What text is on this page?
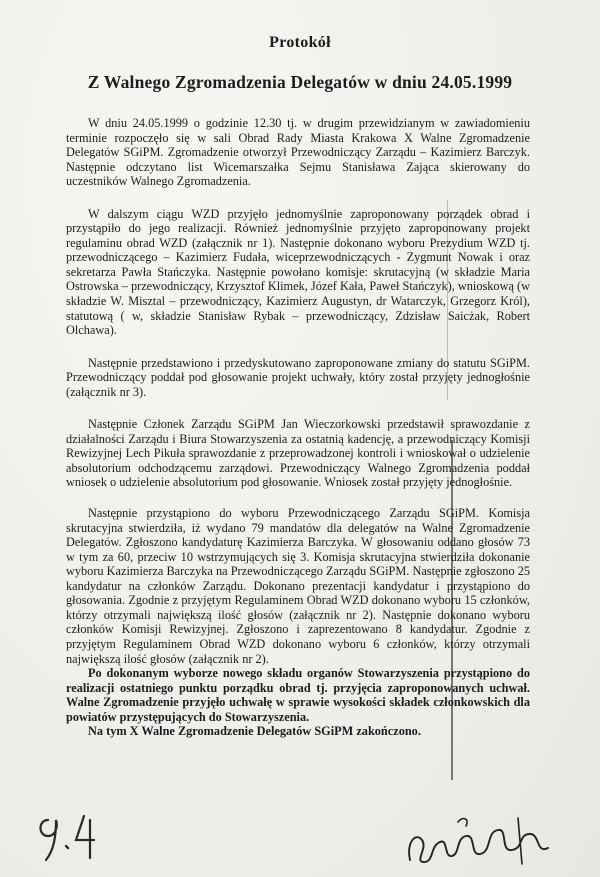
Protokół
Z Walnego Zgromadzenia Delegatów w dniu 24.05.1999

W dniu 24.05.1999 o godzinie 12.30 tj. w drugim przewidzianym w zawiadomieniu terminie rozpoczęło się w sali Obrad Rady Miasta Krakowa X Walne Zgromadzenie Delegatów SGiPM. Zgromadzenie otworzył Przewodniczący Zarządu – Kazimierz Barczyk. Następnie odczytano list Wicemarszałka Sejmu Stanisława Zająca skierowany do uczestników Walnego Zgromadzenia.

W dalszym ciągu WZD przyjęło jednomyślnie zaproponowany porządek obrad i przystąpiło do jego realizacji. Również jednomyślnie przyjęto zaproponowany projekt regulaminu obrad WZD (załącznik nr 1). Następnie dokonano wyboru Prezydium WZD tj. przewodniczącego – Kazimierz Fudała, wiceprzewodniczących - Zygmunt Nowak i oraz sekretarza Pawła Stańczyka. Następnie powołano komisje: skrutacyjną (w składzie Maria Ostrowska – przewodniczący, Krzysztof Klimek, Józef Kała, Paweł Stańczyk), wnioskową (w składzie W. Misztal – przewodniczący, Kazimierz Augustyn, dr Watarczyk, Grzegorz Król), statutową ( w, składzie Stanisław Rybak – przewodniczący, Zdzisław Saicżak, Robert Olchawa).

Następnie przedstawiono i przedyskutowano zaproponowane zmiany do statutu SGiPM. Przewodniczący poddał pod głosowanie projekt uchwały, który został przyjęty jednogłośnie (załącznik nr 3).

Następnie Członek Zarządu SGiPM Jan Wieczorkowski przedstawił sprawozdanie z działalności Zarządu i Biura Stowarzyszenia za ostatnią kadencję, a przewodniczący Komisji Rewizyjnej Lech Pikuła sprawozdanie z przeprowadzonej kontroli i wnioskował o udzielenie absolutorium odchodzącemu zarządowi. Przewodniczący Walnego Zgromadzenia poddał wniosek o udzielenie absolutorium pod głosowanie. Wniosek został przyjęty jednogłośnie.

Następnie przystąpiono do wyboru Przewodniczącego Zarządu SGiPM. Komisja skrutacyjna stwierdziła, iż wydano 79 mandatów dla delegatów na Walne Zgromadzenie Delegatów. Zgłoszono kandydaturę Kazimierza Barczyka. W głosowaniu oddano głosów 73 w tym za 60, przeciw 10 wstrzymujących się 3. Komisja skrutacyjna stwierdziła dokonanie wyboru Kazimierza Barczyka na Przewodniczącego Zarządu SGiPM. Następnie zgłoszono 25 kandydatur na członków Zarządu. Dokonano prezentacji kandydatur i przystąpiono do głosowania. Zgodnie z przyjętym Regulaminem Obrad WZD dokonano wyboru 15 członków, którzy otrzymali największą ilość głosów (załącznik nr 2). Następnie dokonano wyboru członków Komisji Rewizyjnej. Zgłoszono i zaprezentowano 8 kandydatur. Zgodnie z przyjętym Regulaminem Obrad WZD dokonano wyboru 6 członków, którzy otrzymali największą ilość głosów (załącznik nr 2).

Po dokonanym wyborze nowego składu organów Stowarzyszenia przystąpiono do realizacji ostatniego punktu porządku obrad tj. przyjęcia zaproponowanych uchwał. Walne Zgromadzenie przyjęło uchwałę w sprawie wysokości składek członkowskich dla powiatów przystępujących do Stowarzyszenia.

Na tym X Walne Zgromadzenie Delegatów SGiPM zakończono.
